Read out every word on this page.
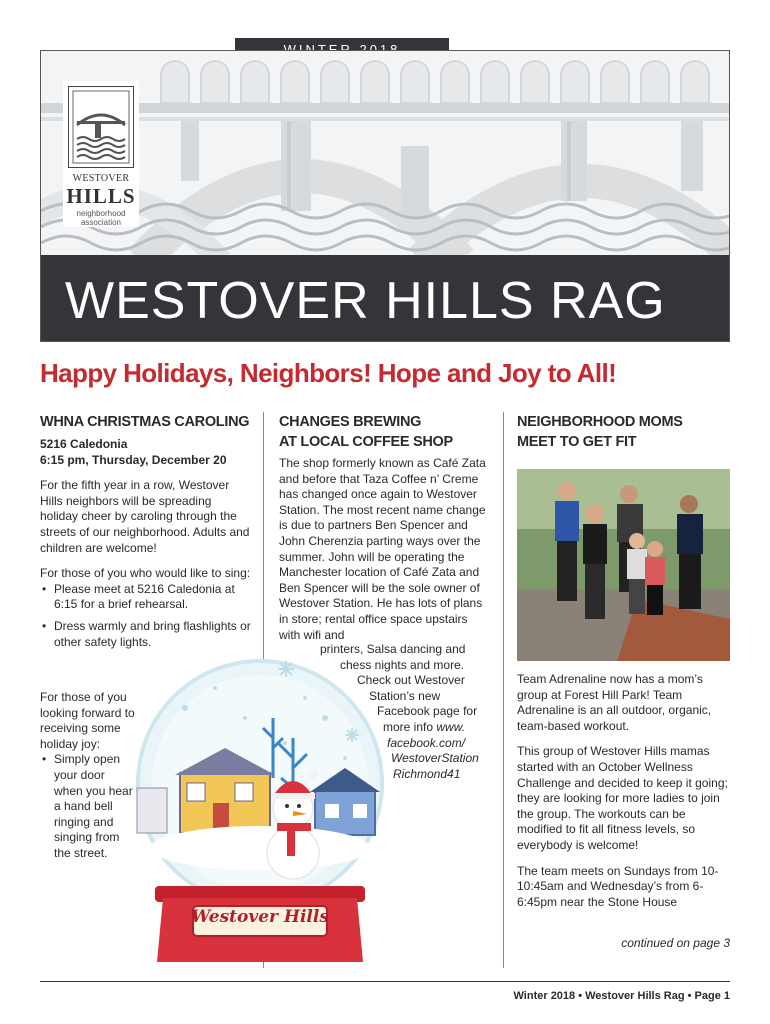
WESTOVER
HILLS
neighborhood
association
WESTOVER HILLS RAG
Happy Holidays, Neighbors! Hope and Joy to All!
WHNA CHRISTMAS CAROLING
5216 Caledonia
6:15 pm, Thursday, December 20

For the fifth year in a row, Westover Hills neighbors will be spreading holiday cheer by caroling through the streets of our neighborhood. Adults and children are welcome!

For those of you who would like to sing:
• Please meet at 5216 Caledonia at 6:15 for a brief rehearsal.
• Dress warmly and bring flashlights or other safety lights.
For those of you looking forward to receiving some holiday joy:
• Simply open your door when you hear a hand bell ringing and singing from the street.
CHANGES BREWING
AT LOCAL COFFEE SHOP
The shop formerly known as Café Zata and before that Taza Coffee n’ Creme has changed once again to Westover Station. The most recent name change is due to partners Ben Spencer and John Cherenzia parting ways over the summer. John will be operating the Manchester location of Café Zata and Ben Spencer will be the sole owner of Westover Station. He has lots of plans in store; rental office space upstairs with wifi and
printers, Salsa dancing and
chess nights and more.
Check out Westover
Station’s new
Facebook page for
more info www.
facebook.com/
WestoverStation
Richmond41
Westover Hills
NEIGHBORHOOD MOMS
MEET TO GET FIT

Team Adrenaline now has a mom’s group at Forest Hill Park! Team Adrenaline is an all outdoor, organic, team-based workout.

This group of Westover Hills mamas started with an October Wellness Challenge and decided to keep it going; they are looking for more ladies to join the group. The workouts can be modified to fit all fitness levels, so everybody is welcome!

The team meets on Sundays from 10-10:45am and Wednesday’s from 6-6:45pm near the Stone House

continued on page 3
Winter 2018 • Westover Hills Rag • Page 1
